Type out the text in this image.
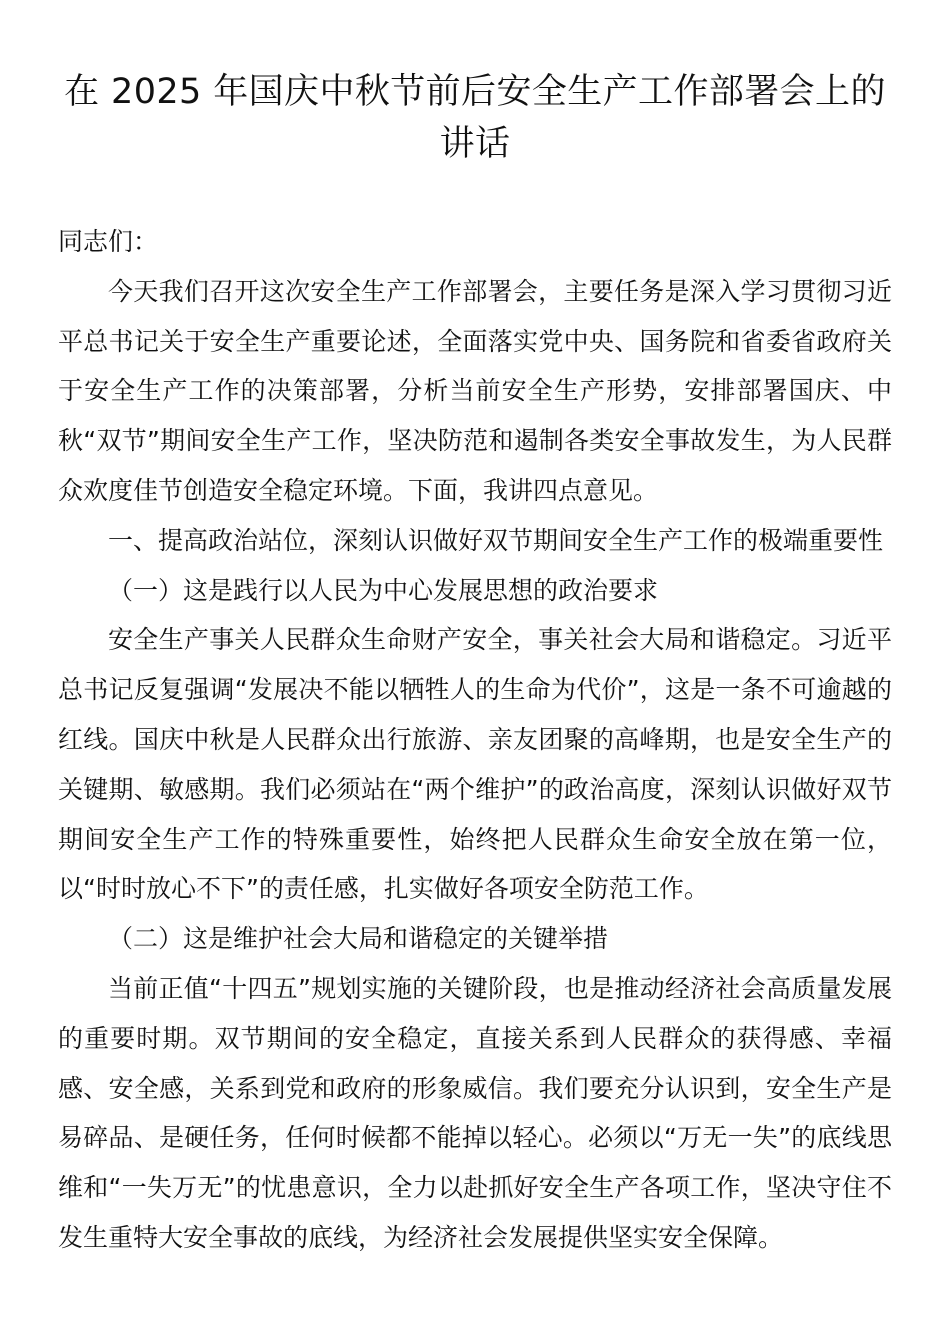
在 2025 年国庆中秋节前后安全生产工作部署会上的讲话

同志们：

今天我们召开这次安全生产工作部署会，主要任务是深入学习贯彻习近平总书记关于安全生产重要论述，全面落实党中央、国务院和省委省政府关于安全生产工作的决策部署，分析当前安全生产形势，安排部署国庆、中秋“双节”期间安全生产工作，坚决防范和遏制各类安全事故发生，为人民群众欢度佳节创造安全稳定环境。下面，我讲四点意见。

一、提高政治站位，深刻认识做好双节期间安全生产工作的极端重要性

（一）这是践行以人民为中心发展思想的政治要求

安全生产事关人民群众生命财产安全，事关社会大局和谐稳定。习近平总书记反复强调“发展决不能以牺牲人的生命为代价”，这是一条不可逾越的红线。国庆中秋是人民群众出行旅游、亲友团聚的高峰期，也是安全生产的关键期、敏感期。我们必须站在“两个维护”的政治高度，深刻认识做好双节期间安全生产工作的特殊重要性，始终把人民群众生命安全放在第一位，以“时时放心不下”的责任感，扎实做好各项安全防范工作。

（二）这是维护社会大局和谐稳定的关键举措

当前正值“十四五”规划实施的关键阶段，也是推动经济社会高质量发展的重要时期。双节期间的安全稳定，直接关系到人民群众的获得感、幸福感、安全感，关系到党和政府的形象威信。我们要充分认识到，安全生产是易碎品、是硬任务，任何时候都不能掉以轻心。必须以“万无一失”的底线思维和“一失万无”的忧患意识，全力以赴抓好安全生产各项工作，坚决守住不发生重特大安全事故的底线，为经济社会发展提供坚实安全保障。
